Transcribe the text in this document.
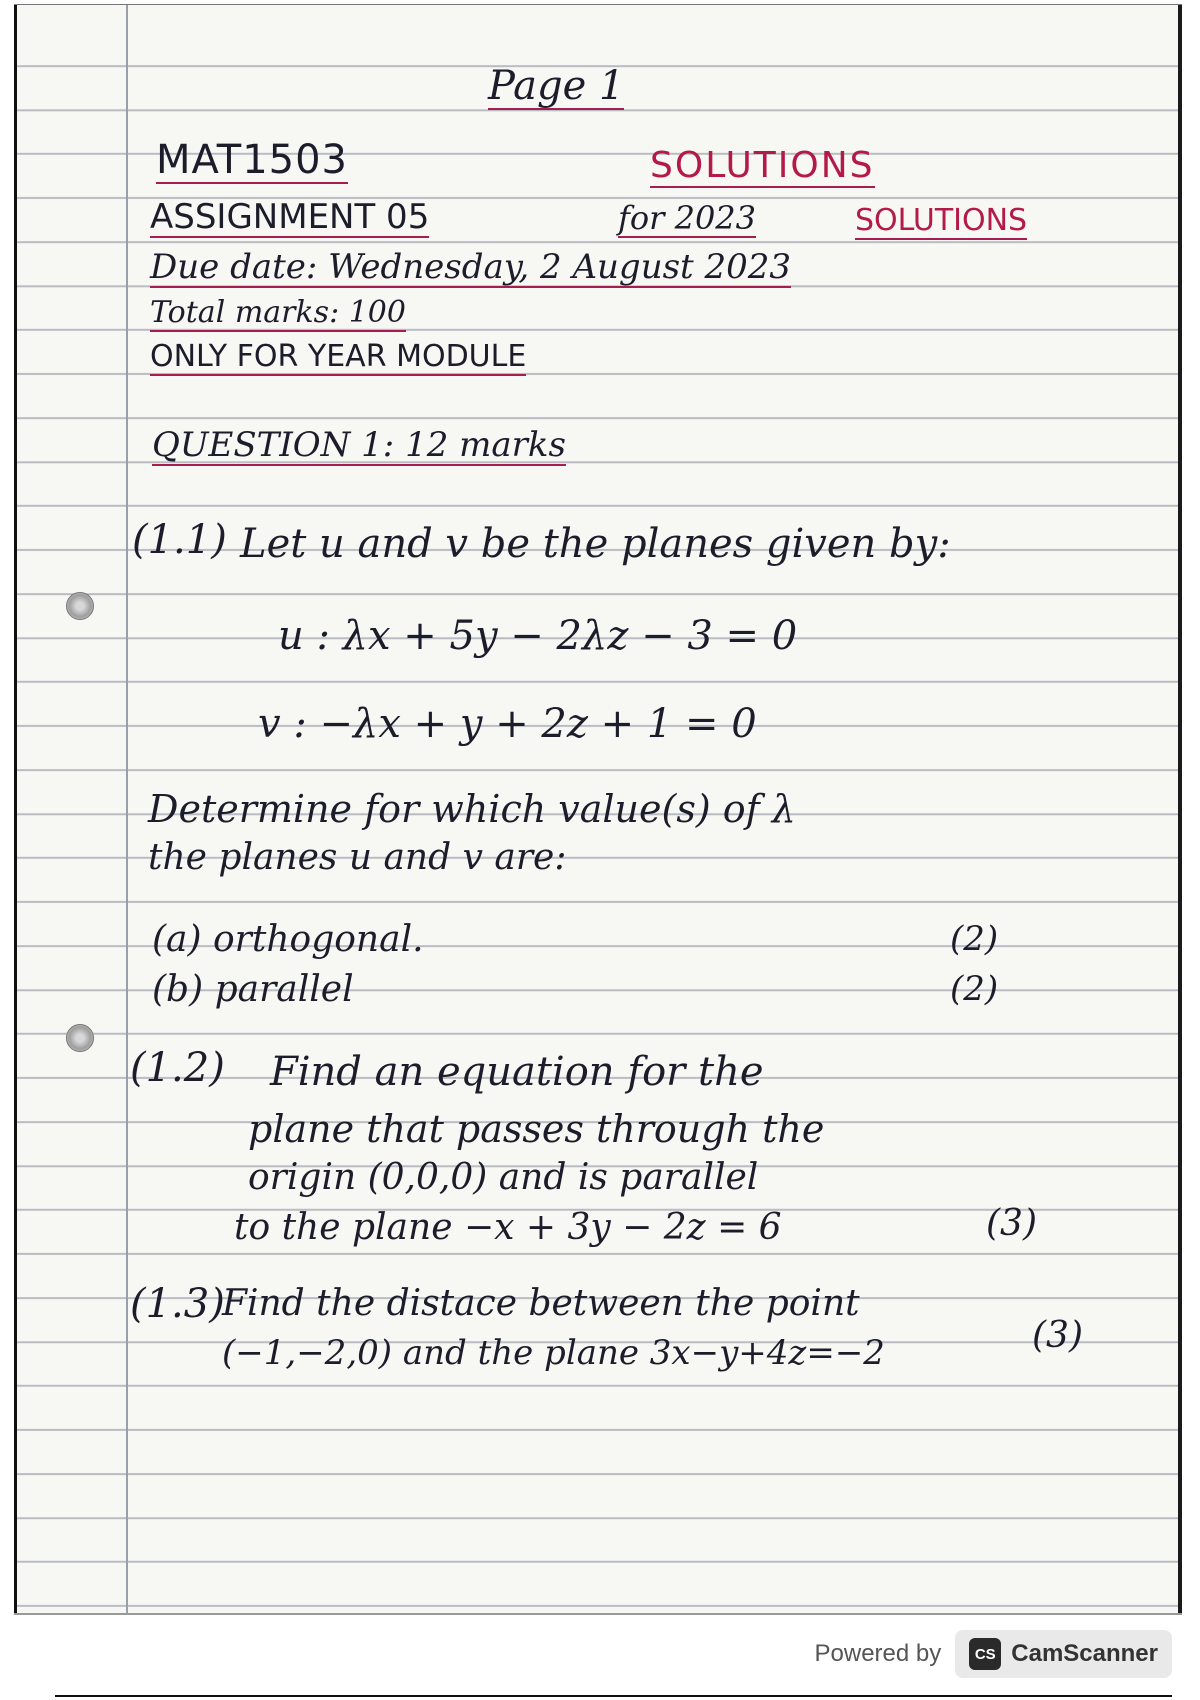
Page 1
MAT1503	SOLUTIONS
ASSIGNMENT 05	for 2023	SOLUTIONS
Due date: Wednesday, 2 August 2023
Total marks: 100
ONLY FOR YEAR MODULE
QUESTION 1: 12 marks
(1.1) Let u and v be the planes given by:
u : λx + 5y − 2λz − 3 = 0
v : −λx + y + 2z + 1 = 0
Determine for which value(s) of λ
the planes u and v are:
(a) orthogonal.	(2)
(b) parallel	(2)
(1.2) Find an equation for the
plane that passes through the
origin (0,0,0) and is parallel
to the plane −x + 3y − 2z = 6	(3)
(1.3)
Find the distace between the point
(−1,−2,0) and the plane 3x−y+4z=−2	(3)
Powered by	CS CamScanner
